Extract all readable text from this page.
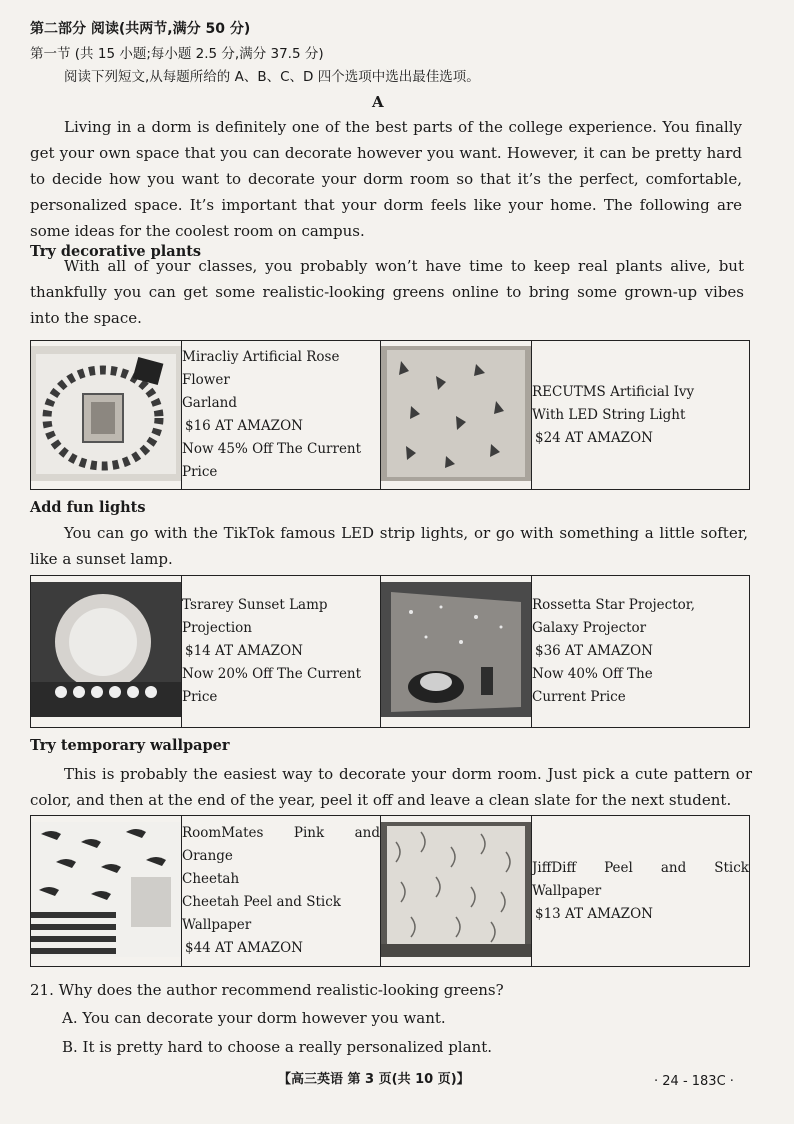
第二部分 阅读(共两节,满分 50 分)
第一节 (共 15 小题;每小题 2.5 分,满分 37.5 分)
阅读下列短文,从每题所给的 A、B、C、D 四个选项中选出最佳选项。
A
Living in a dorm is definitely one of the best parts of the college experience. You finally get your own space that you can decorate however you want. However, it can be pretty hard to decide how you want to decorate your dorm room so that it’s the perfect, comfortable, personalized space. It’s important that your dorm feels like your home. The following are some ideas for the coolest room on campus.
Try decorative plants
With all of your classes, you probably won’t have time to keep real plants alive, but thankfully you can get some realistic-looking greens online to bring some grown-up vibes into the space.

Miracliy Artificial Rose Flower
Garland
$16 AT AMAZON
Now 45% Off The Current Price

RECUTMS Artificial Ivy
With LED String Light
$24 AT AMAZON
Add fun lights
You can go with the TikTok famous LED strip lights, or go with something a little softer, like a sunset lamp.

Tsrarey Sunset Lamp Projection
$14 AT AMAZON
Now 20% Off The Current Price

Rossetta Star Projector,
Galaxy Projector
$36 AT AMAZON
Now 40% Off The
Current Price
Try temporary wallpaper
This is probably the easiest way to decorate your dorm room. Just pick a cute pattern or color, and then at the end of the year, peel it off and leave a clean slate for the next student.

RoomMates Pink and Orange
Cheetah
Cheetah Peel and Stick Wallpaper
$44 AT AMAZON

JiffDiff Peel and Stick
Wallpaper
$13 AT AMAZON
21. Why does the author recommend realistic-looking greens?
A. You can decorate your dorm however you want.
B. It is pretty hard to choose a really personalized plant.
【高三英语 第 3 页(共 10 页)】	· 24 - 183C ·
